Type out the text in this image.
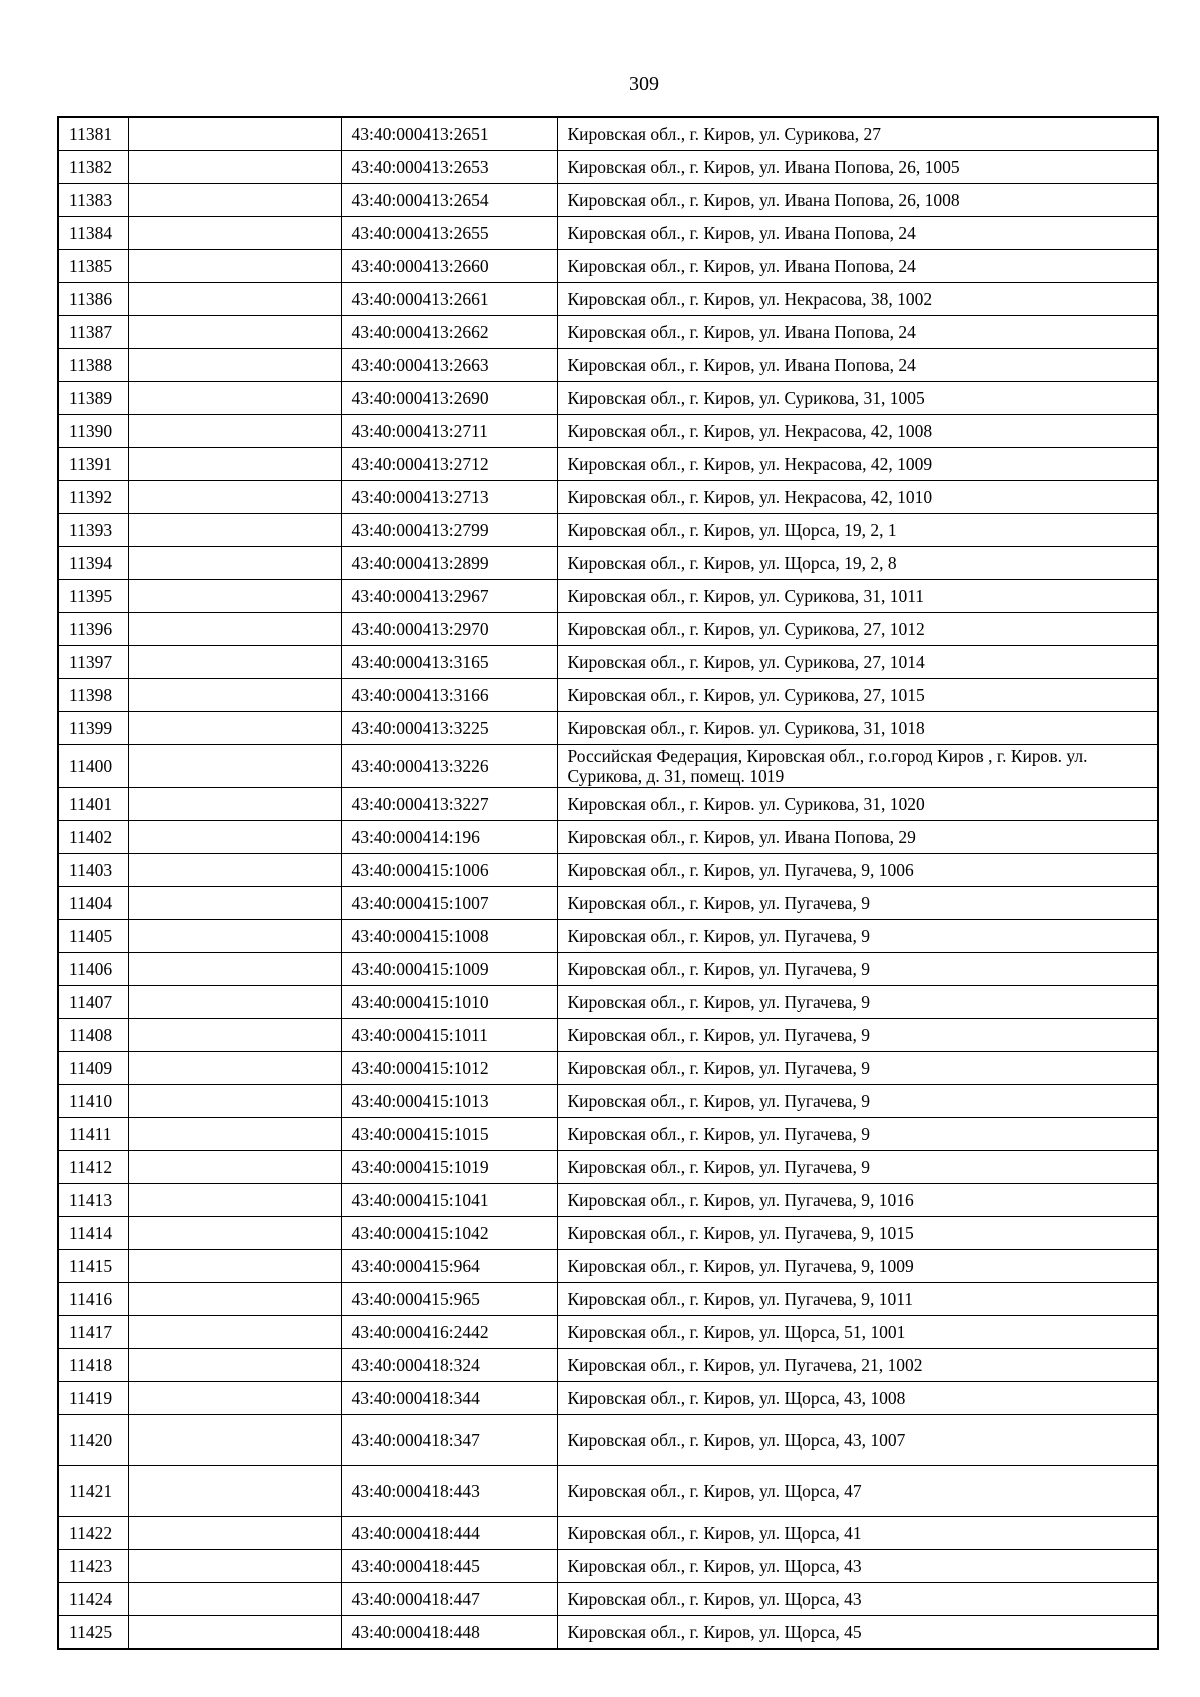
309
11381		43:40:000413:2651	Кировская обл., г. Киров, ул. Сурикова, 27
11382		43:40:000413:2653	Кировская обл., г. Киров, ул. Ивана Попова, 26, 1005
11383		43:40:000413:2654	Кировская обл., г. Киров, ул. Ивана Попова, 26, 1008
11384		43:40:000413:2655	Кировская обл., г. Киров, ул. Ивана Попова, 24
11385		43:40:000413:2660	Кировская обл., г. Киров, ул. Ивана Попова, 24
11386		43:40:000413:2661	Кировская обл., г. Киров, ул. Некрасова, 38, 1002
11387		43:40:000413:2662	Кировская обл., г. Киров, ул. Ивана Попова, 24
11388		43:40:000413:2663	Кировская обл., г. Киров, ул. Ивана Попова, 24
11389		43:40:000413:2690	Кировская обл., г. Киров, ул. Сурикова, 31, 1005
11390		43:40:000413:2711	Кировская обл., г. Киров, ул. Некрасова, 42, 1008
11391		43:40:000413:2712	Кировская обл., г. Киров, ул. Некрасова, 42, 1009
11392		43:40:000413:2713	Кировская обл., г. Киров, ул. Некрасова, 42, 1010
11393		43:40:000413:2799	Кировская обл., г. Киров, ул. Щорса, 19, 2, 1
11394		43:40:000413:2899	Кировская обл., г. Киров, ул. Щорса, 19, 2, 8
11395		43:40:000413:2967	Кировская обл., г. Киров, ул. Сурикова, 31, 1011
11396		43:40:000413:2970	Кировская обл., г. Киров, ул. Сурикова, 27, 1012
11397		43:40:000413:3165	Кировская обл., г. Киров, ул. Сурикова, 27, 1014
11398		43:40:000413:3166	Кировская обл., г. Киров, ул. Сурикова, 27, 1015
11399		43:40:000413:3225	Кировская обл., г. Киров. ул. Сурикова, 31, 1018
11400		43:40:000413:3226	Российская Федерация, Кировская обл., г.о.город Киров , г. Киров. ул. Сурикова, д. 31, помещ. 1019
11401		43:40:000413:3227	Кировская обл., г. Киров. ул. Сурикова, 31, 1020
11402		43:40:000414:196	Кировская обл., г. Киров, ул. Ивана Попова, 29
11403		43:40:000415:1006	Кировская обл., г. Киров, ул. Пугачева, 9, 1006
11404		43:40:000415:1007	Кировская обл., г. Киров, ул. Пугачева, 9
11405		43:40:000415:1008	Кировская обл., г. Киров, ул. Пугачева, 9
11406		43:40:000415:1009	Кировская обл., г. Киров, ул. Пугачева, 9
11407		43:40:000415:1010	Кировская обл., г. Киров, ул. Пугачева, 9
11408		43:40:000415:1011	Кировская обл., г. Киров, ул. Пугачева, 9
11409		43:40:000415:1012	Кировская обл., г. Киров, ул. Пугачева, 9
11410		43:40:000415:1013	Кировская обл., г. Киров, ул. Пугачева, 9
11411		43:40:000415:1015	Кировская обл., г. Киров, ул. Пугачева, 9
11412		43:40:000415:1019	Кировская обл., г. Киров, ул. Пугачева, 9
11413		43:40:000415:1041	Кировская обл., г. Киров, ул. Пугачева, 9, 1016
11414		43:40:000415:1042	Кировская обл., г. Киров, ул. Пугачева, 9, 1015
11415		43:40:000415:964	Кировская обл., г. Киров, ул. Пугачева, 9, 1009
11416		43:40:000415:965	Кировская обл., г. Киров, ул. Пугачева, 9, 1011
11417		43:40:000416:2442	Кировская обл., г. Киров, ул. Щорса, 51, 1001
11418		43:40:000418:324	Кировская обл., г. Киров, ул. Пугачева, 21, 1002
11419		43:40:000418:344	Кировская обл., г. Киров, ул. Щорса, 43, 1008
11420		43:40:000418:347	Кировская обл., г. Киров, ул. Щорса, 43, 1007
11421		43:40:000418:443	Кировская обл., г. Киров, ул. Щорса, 47
11422		43:40:000418:444	Кировская обл., г. Киров, ул. Щорса, 41
11423		43:40:000418:445	Кировская обл., г. Киров, ул. Щорса, 43
11424		43:40:000418:447	Кировская обл., г. Киров, ул. Щорса, 43
11425		43:40:000418:448	Кировская обл., г. Киров, ул. Щорса, 45
